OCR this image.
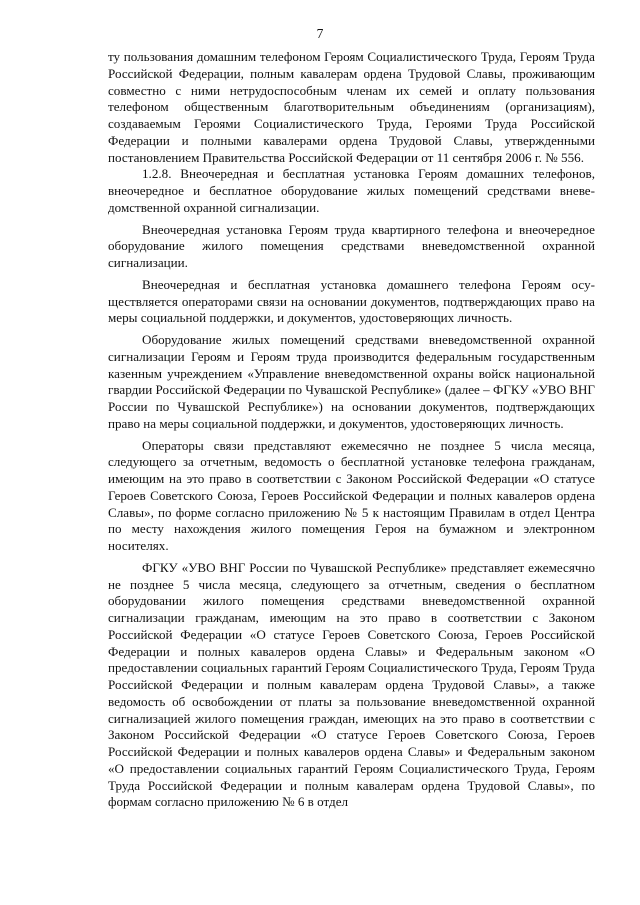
7

ту пользования домашним телефоном Героям Социалистического Труда, Героям Труда Российской Федерации, полным кавалерам ордена Трудовой Славы, проживающим совместно с ними нетрудоспособным членам их семей и оплату пользования телефоном общественным благотворительным объединениям (организациям), создаваемым Героями Социалистического Труда, Героями Труда Российской Федерации и полными кавалерами ордена Трудовой Славы, утвержденными постановлением Правительства Российской Федерации от 11 сентября 2006 г. № 556.

1.2.8. Внеочередная и бесплатная установка Героям домашних телефонов, внеочередное и бесплатное оборудование жилых помещений средствами вневедомственной охранной сигнализации.

Внеочередная установка Героям труда квартирного телефона и внеочередное оборудование жилого помещения средствами вневедомственной охранной сигнализации.

Внеочередная и бесплатная установка домашнего телефона Героям осуществляется операторами связи на основании документов, подтверждающих право на меры социальной поддержки, и документов, удостоверяющих личность.

Оборудование жилых помещений средствами вневедомственной охранной сигнализации Героям и Героям труда производится федеральным государственным казенным учреждением «Управление вневедомственной охраны войск национальной гвардии Российской Федерации по Чувашской Республике» (далее – ФГКУ «УВО ВНГ России по Чувашской Республике») на основании документов, подтверждающих право на меры социальной поддержки, и документов, удостоверяющих личность.

Операторы связи представляют ежемесячно не позднее 5 числа месяца, следующего за отчетным, ведомость о бесплатной установке телефона гражданам, имеющим на это право в соответствии с Законом Российской Федерации «О статусе Героев Советского Союза, Героев Российской Федерации и полных кавалеров ордена Славы», по форме согласно приложению № 5 к настоящим Правилам в отдел Центра по месту нахождения жилого помещения Героя на бумажном и электронном носителях.

ФГКУ «УВО ВНГ России по Чувашской Республике» представляет ежемесячно не позднее 5 числа месяца, следующего за отчетным, сведения о бесплатном оборудовании жилого помещения средствами вневедомственной охранной сигнализации гражданам, имеющим на это право в соответствии с Законом Российской Федерации «О статусе Героев Советского Союза, Героев Российской Федерации и полных кавалеров ордена Славы» и Федеральным законом «О предоставлении социальных гарантий Героям Социалистического Труда, Героям Труда Российской Федерации и полным кавалерам ордена Трудовой Славы», а также ведомость об освобождении от платы за пользование вневедомственной охранной сигнализацией жилого помещения граждан, имеющих на это право в соответствии с Законом Российской Федерации «О статусе Героев Советского Союза, Героев Российской Федерации и полных кавалеров ордена Славы» и Федеральным законом «О предоставлении социальных гарантий Героям Социалистического Труда, Героям Труда Российской Федерации и полным кавалерам ордена Трудовой Славы», по формам согласно приложению № 6 в отдел
